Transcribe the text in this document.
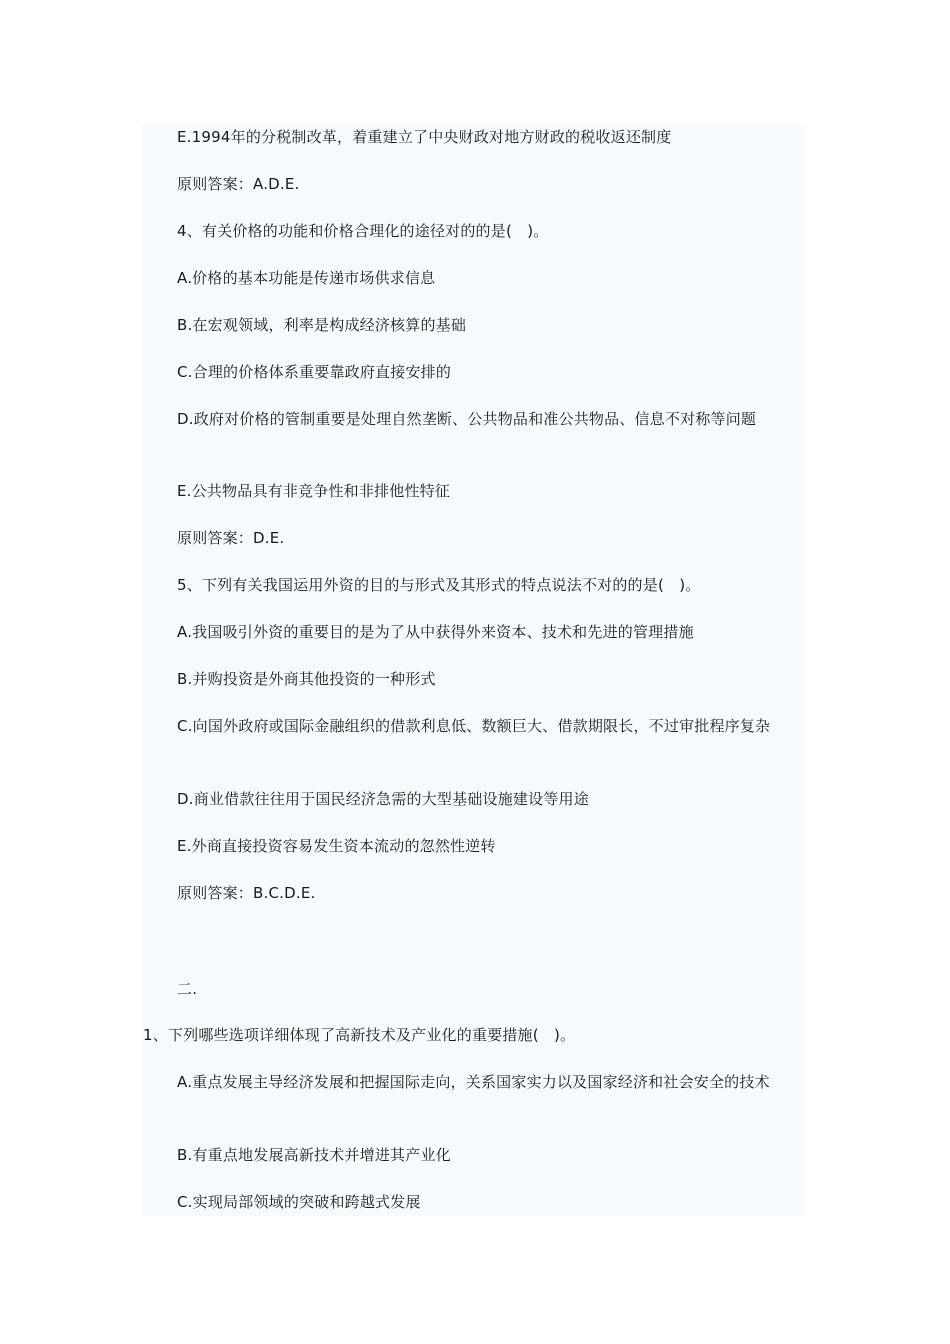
E.1994年的分税制改革，着重建立了中央财政对地方财政的税收返还制度
原则答案：A.D.E.
4、有关价格的功能和价格合理化的途径对的的是(　)。
A.价格的基本功能是传递市场供求信息
B.在宏观领域，利率是构成经济核算的基础
C.合理的价格体系重要靠政府直接安排的
D.政府对价格的管制重要是处理自然垄断、公共物品和准公共物品、信息不对称等问题
E.公共物品具有非竞争性和非排他性特征
原则答案：D.E.
5、下列有关我国运用外资的目的与形式及其形式的特点说法不对的的是(　)。
A.我国吸引外资的重要目的是为了从中获得外来资本、技术和先进的管理措施
B.并购投资是外商其他投资的一种形式
C.向国外政府或国际金融组织的借款利息低、数额巨大、借款期限长，不过审批程序复杂
D.商业借款往往用于国民经济急需的大型基础设施建设等用途
E.外商直接投资容易发生资本流动的忽然性逆转
原则答案：B.C.D.E.
二.
1、下列哪些选项详细体现了高新技术及产业化的重要措施(　)。
A.重点发展主导经济发展和把握国际走向，关系国家实力以及国家经济和社会安全的技术
B.有重点地发展高新技术并增进其产业化
C.实现局部领域的突破和跨越式发展
